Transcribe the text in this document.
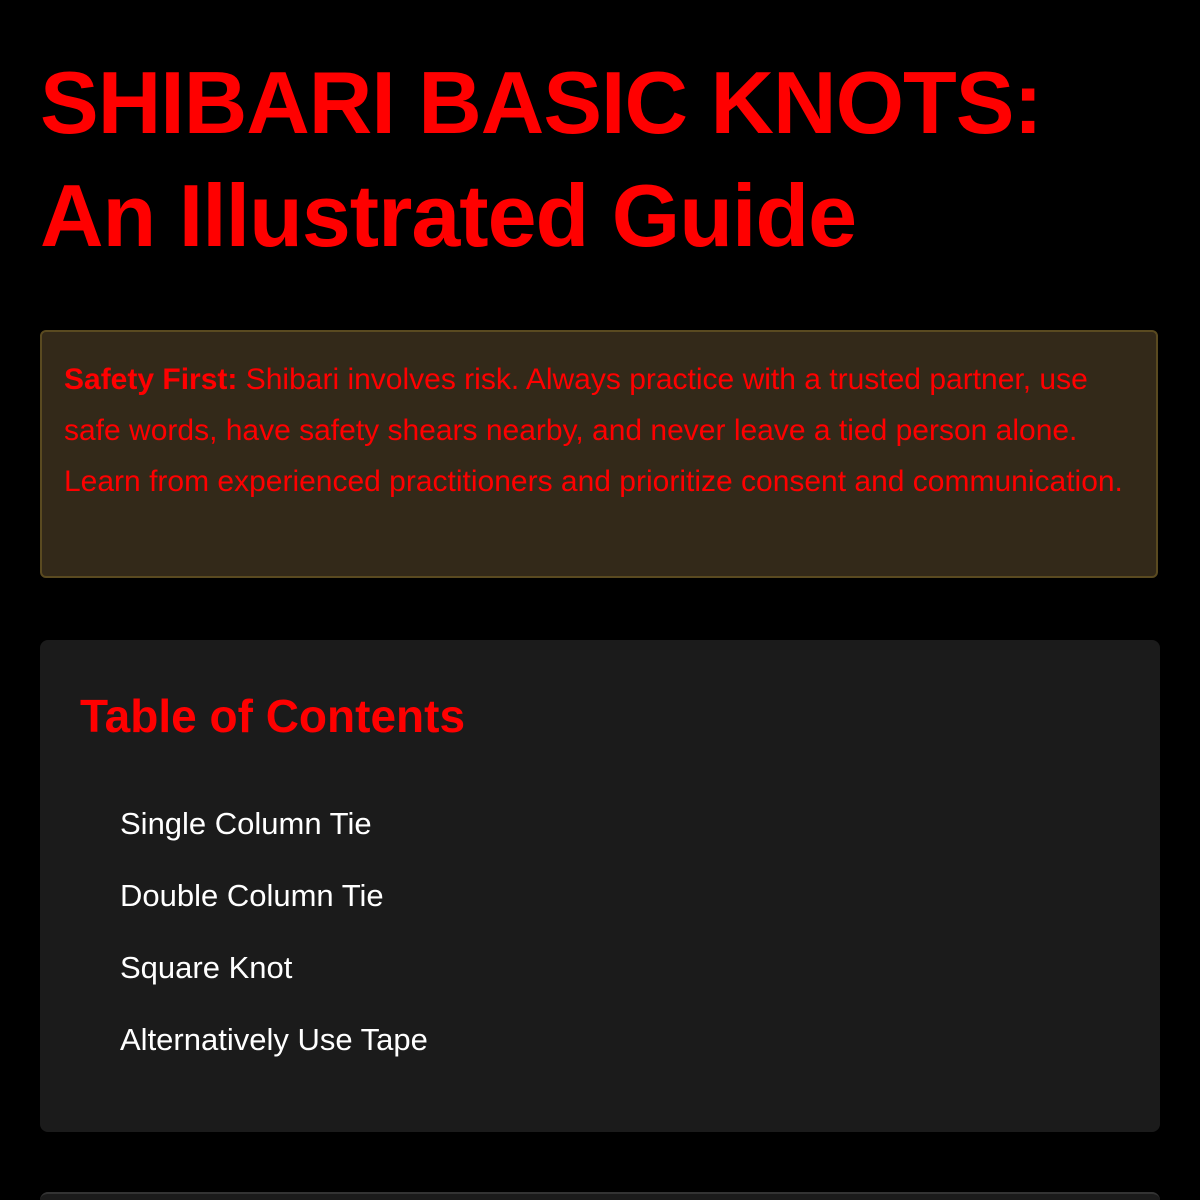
SHIBARI BASIC KNOTS:
An Illustrated Guide
Safety First: Shibari involves risk. Always practice with a trusted partner, use safe words, have safety shears nearby, and never leave a tied person alone. Learn from experienced practitioners and prioritize consent and communication.
Table of Contents
Single Column Tie
Double Column Tie
Square Knot
Alternatively Use Tape
